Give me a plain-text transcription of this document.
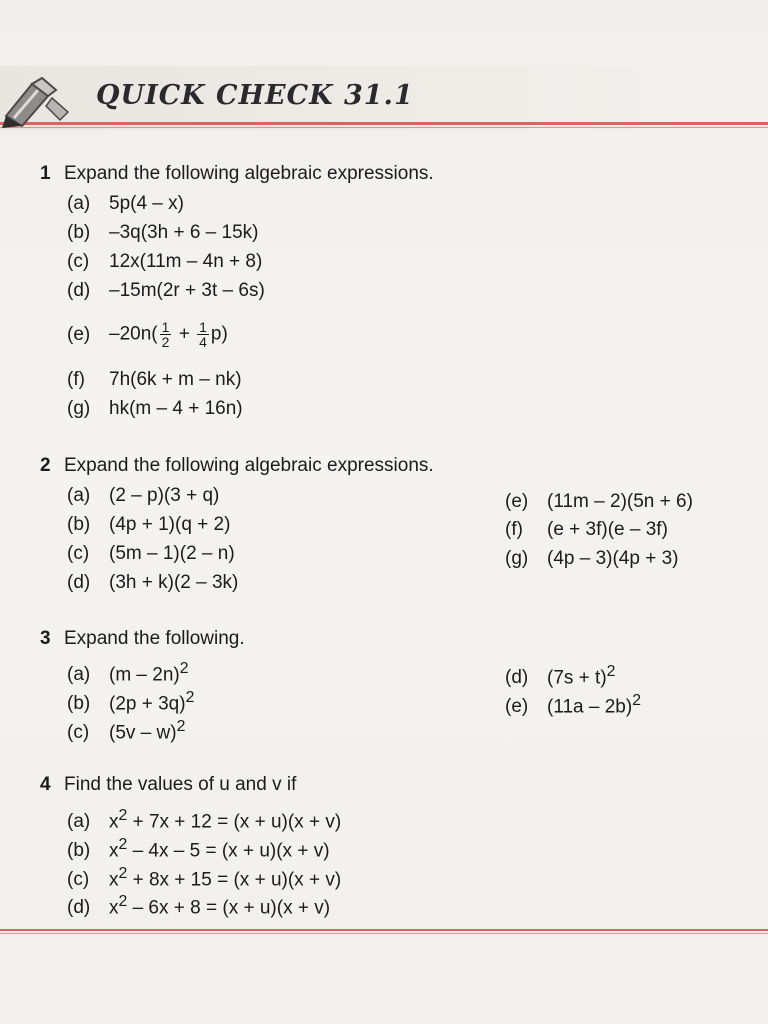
QUICK CHECK 31.1
1 Expand the following algebraic expressions.
(a) 5p(4 – x)
(b) –3q(3h + 6 – 15k)
(c) 12x(11m – 4n + 8)
(d) –15m(2r + 3t – 6s)
(e) $-20n( \frac{1}{2} + \frac{1}{4} p)$
(f) 7h(6k + m – nk)
(g) hk(m – 4 + 16n)
2 Expand the following algebraic expressions.
(a) (2 – p)(3 + q)
(b) (4p + 1)(q + 2)
(c) (5m – 1)(2 – n)
(d) (3h + k)(2 – 3k)
(e) (11m – 2)(5n + 6)
(f) (e + 3f)(e – 3f)
(g) (4p – 3)(4p + 3)
3 Expand the following.
(a) (m – 2n)$^2$
(b) $(2p + 3q)^2$
(c) (5v – w)$^2$
(d) $(7s + t)^2$
(e) (11a – 2b)$^2$
4 Find the values of u and v if
(a) $x^2 + 7x + 12 = (x + u)(x + v)$
(b) $x^2 - 4x - 5 = (x + u)(x + v)$
(c) $x^2 + 8x + 15 = (x + u)(x + v)$
(d) $x^2 - 6x + 8 = (x + u)(x + v)$
